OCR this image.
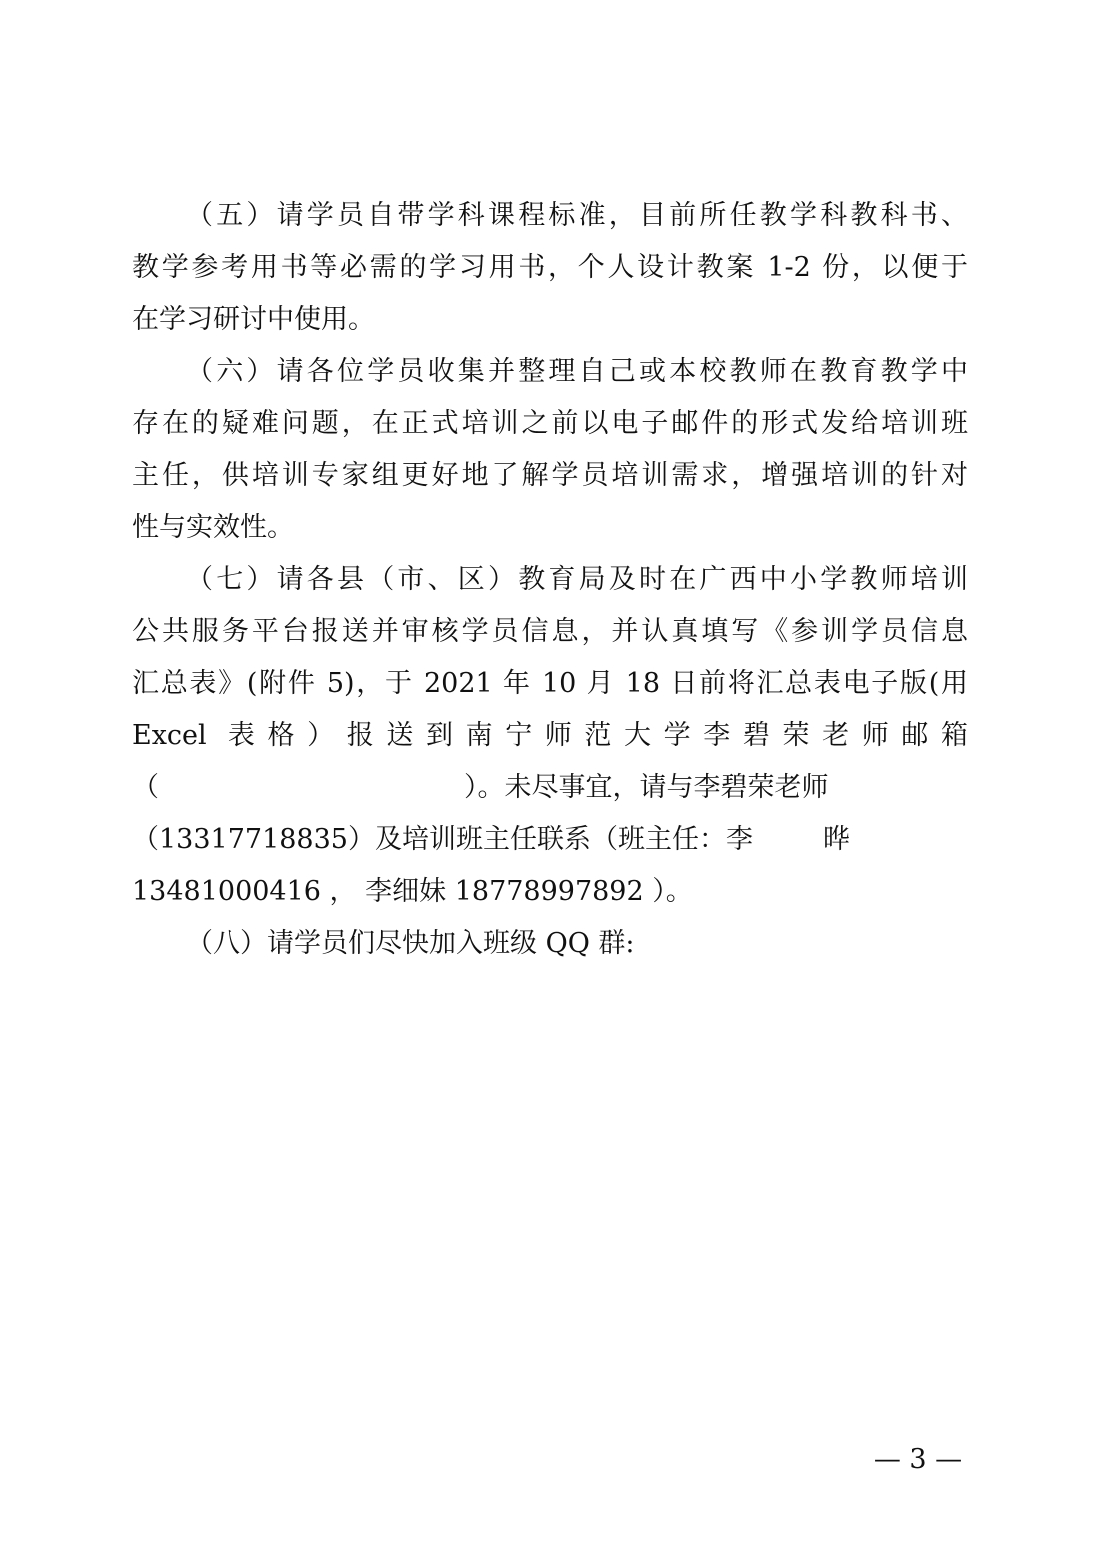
（五）请学员自带学科课程标准，目前所任教学科教科书、
教学参考用书等必需的学习用书，个人设计教案 1-2 份，以便于
在学习研讨中使用。
（六）请各位学员收集并整理自己或本校教师在教育教学中
存在的疑难问题，在正式培训之前以电子邮件的形式发给培训班
主任，供培训专家组更好地了解学员培训需求，增强培训的针对
性与实效性。
（七）请各县（市、区）教育局及时在广西中小学教师培训
公共服务平台报送并审核学员信息，并认真填写《参训学员信息
汇总表》(附件 5)，于 2021 年 10 月 18 日前将汇总表电子版(用
Excel 表格）报送到南宁师范大学李碧荣老师邮箱
（	）。未尽事宜，请与李碧荣老师
（13317718835）及培训班主任联系（班主任：李	晔
13481000416 ， 李细妹 18778997892 ）。
（八）请学员们尽快加入班级 QQ 群:
— 3 —
